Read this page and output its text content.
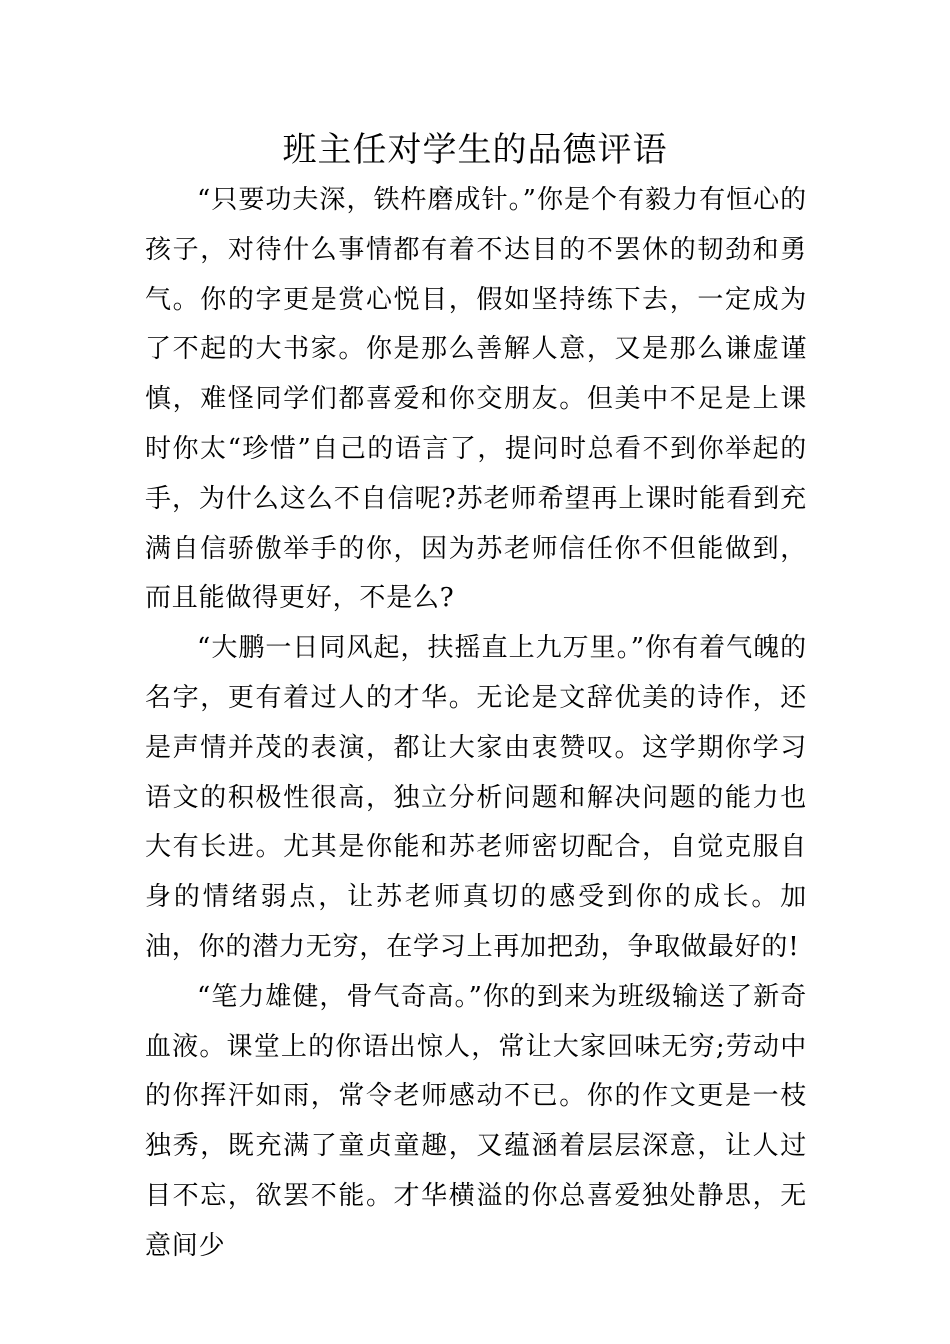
班主任对学生的品德评语

“只要功夫深，铁杵磨成针。”你是个有毅力有恒心的孩子，对待什么事情都有着不达目的不罢休的韧劲和勇气。你的字更是赏心悦目，假如坚持练下去，一定成为了不起的大书家。你是那么善解人意，又是那么谦虚谨慎，难怪同学们都喜爱和你交朋友。但美中不足是上课时你太“珍惜”自己的语言了，提问时总看不到你举起的手，为什么这么不自信呢?苏老师希望再上课时能看到充满自信骄傲举手的你，因为苏老师信任你不但能做到，而且能做得更好，不是么?

“大鹏一日同风起，扶摇直上九万里。”你有着气魄的名字，更有着过人的才华。无论是文辞优美的诗作，还是声情并茂的表演，都让大家由衷赞叹。这学期你学习语文的积极性很高，独立分析问题和解决问题的能力也大有长进。尤其是你能和苏老师密切配合，自觉克服自身的情绪弱点，让苏老师真切的感受到你的成长。加油，你的潜力无穷，在学习上再加把劲，争取做最好的!

“笔力雄健，骨气奇高。”你的到来为班级输送了新奇血液。课堂上的你语出惊人，常让大家回味无穷;劳动中的你挥汗如雨，常令老师感动不已。你的作文更是一枝独秀，既充满了童贞童趣，又蕴涵着层层深意，让人过目不忘，欲罢不能。才华横溢的你总喜爱独处静思，无意间少
